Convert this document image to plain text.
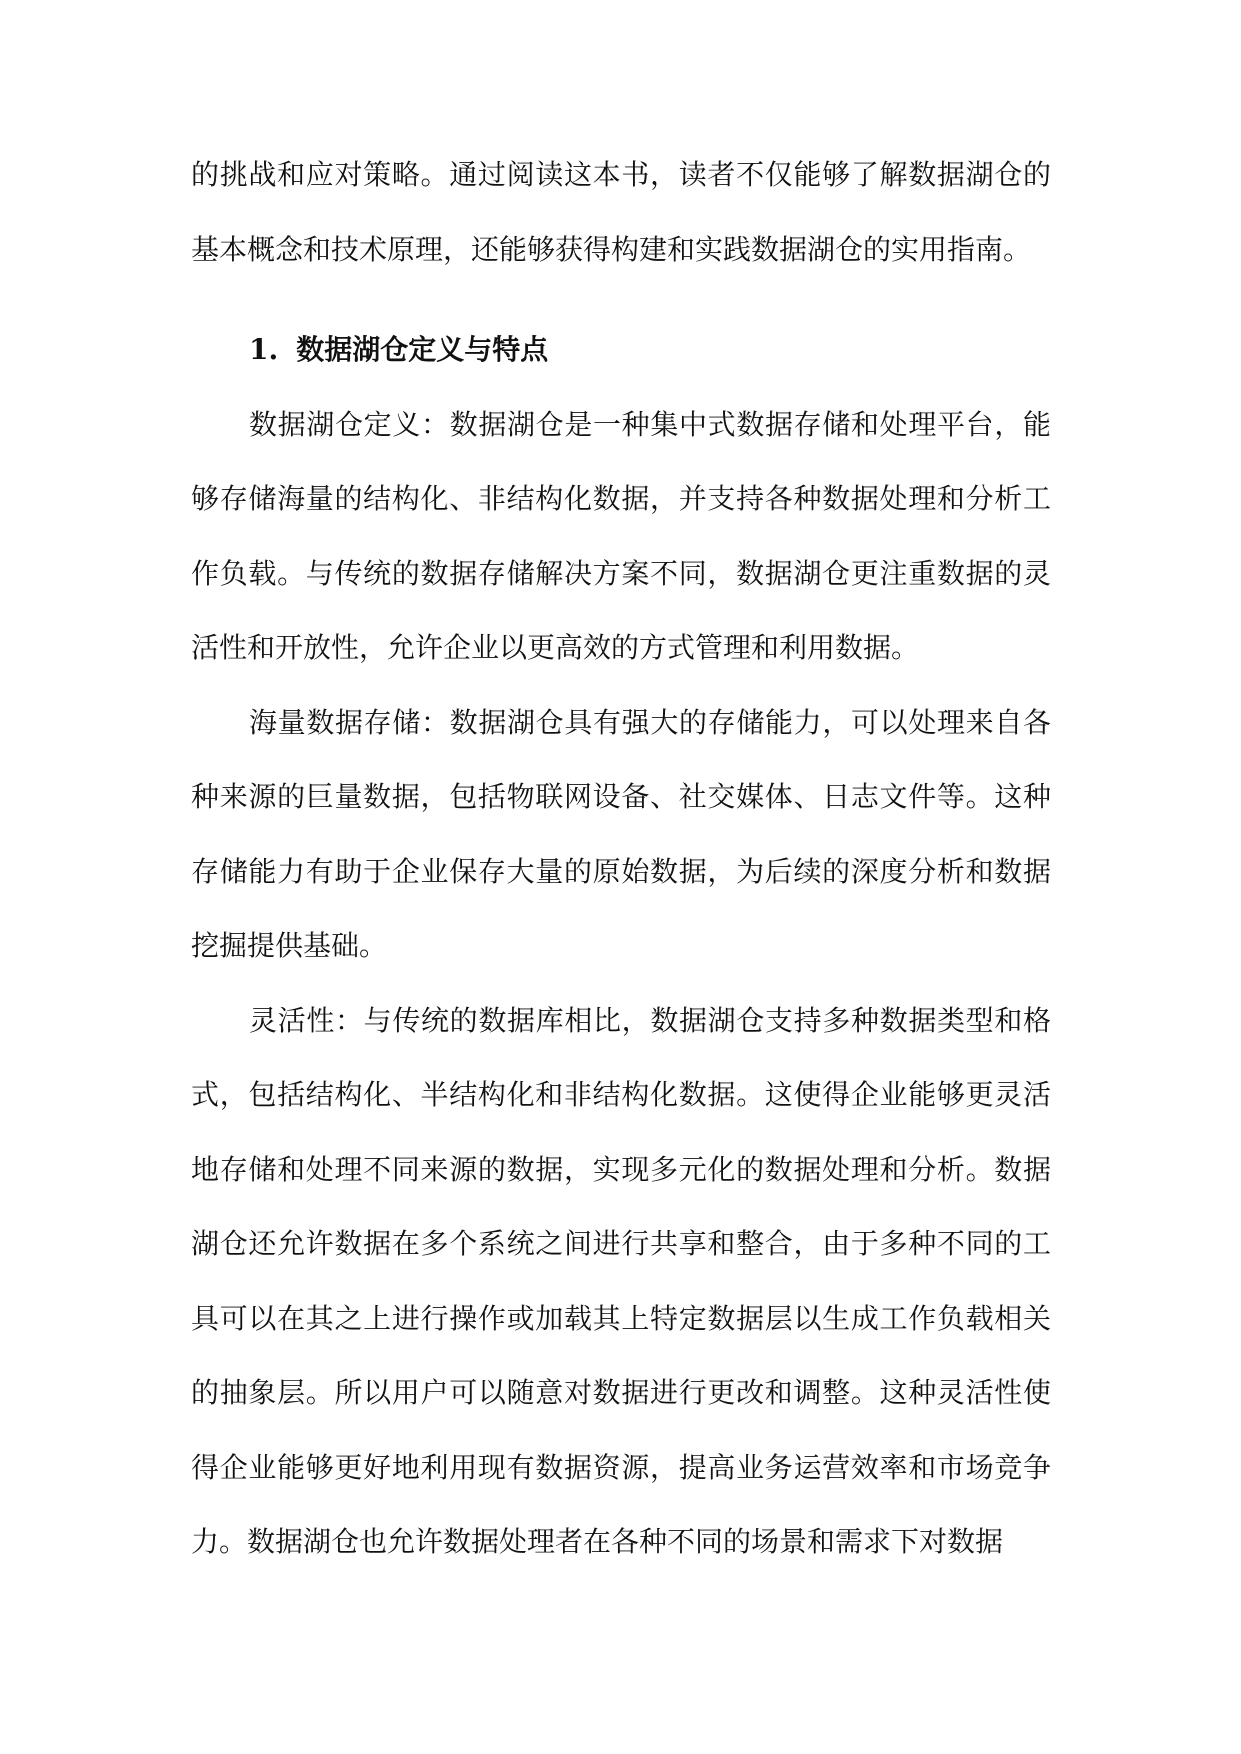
的挑战和应对策略。通过阅读这本书，读者不仅能够了解数据湖仓的基本概念和技术原理，还能够获得构建和实践数据湖仓的实用指南。

1. 数据湖仓定义与特点

数据湖仓定义：数据湖仓是一种集中式数据存储和处理平台，能够存储海量的结构化、非结构化数据，并支持各种数据处理和分析工作负载。与传统的数据存储解决方案不同，数据湖仓更注重数据的灵活性和开放性，允许企业以更高效的方式管理和利用数据。

海量数据存储：数据湖仓具有强大的存储能力，可以处理来自各种来源的巨量数据，包括物联网设备、社交媒体、日志文件等。这种存储能力有助于企业保存大量的原始数据，为后续的深度分析和数据挖掘提供基础。

灵活性：与传统的数据库相比，数据湖仓支持多种数据类型和格式，包括结构化、半结构化和非结构化数据。这使得企业能够更灵活地存储和处理不同来源的数据，实现多元化的数据处理和分析。数据湖仓还允许数据在多个系统之间进行共享和整合，由于多种不同的工具可以在其之上进行操作或加载其上特定数据层以生成工作负载相关的抽象层。所以用户可以随意对数据进行更改和调整。这种灵活性使得企业能够更好地利用现有数据资源，提高业务运营效率和市场竞争力。数据湖仓也允许数据处理者在各种不同的场景和需求下对数据
